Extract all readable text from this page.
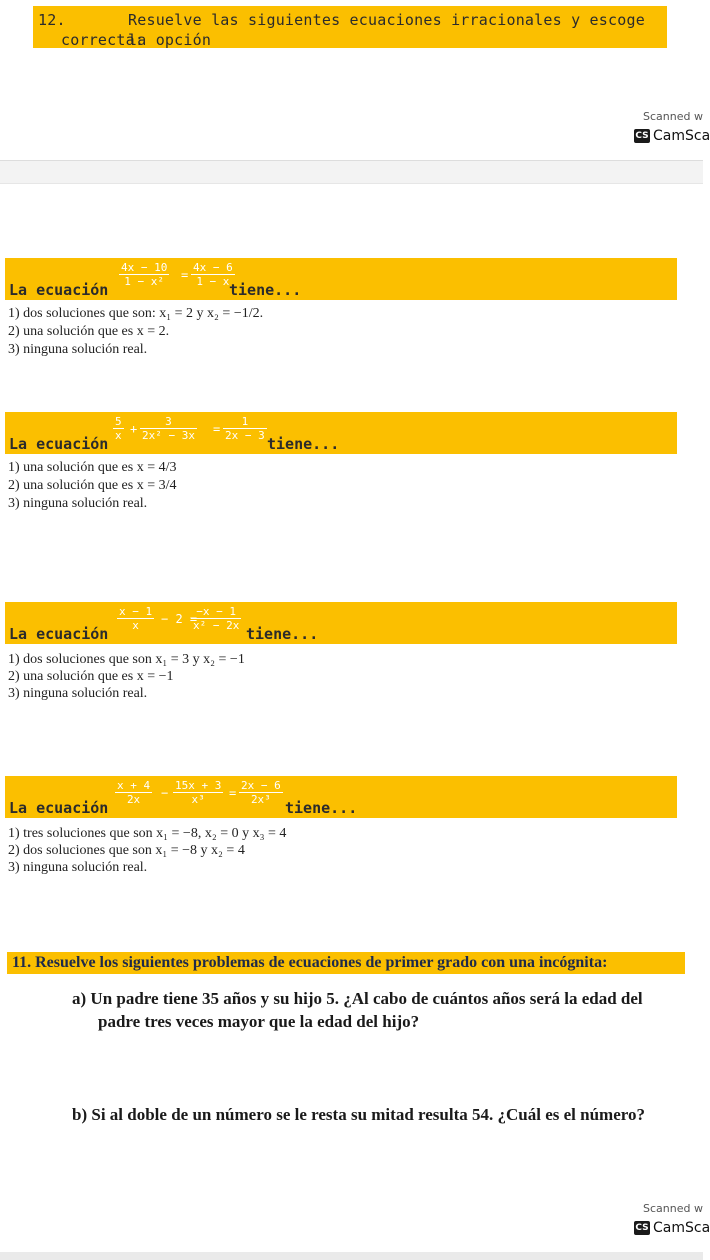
12.	Resuelve las siguientes ecuaciones irracionales y escoge la opción
correcta:
Scanned w
CS CamSca
La ecuación
$\frac{4x - 10}{\text{1 − x²}} = \frac{4x - 6}{1 - x}$
tiene...
1) dos soluciones que son: x₁ = 2 y x₂ = −1/2.
2) una solución que es x = 2.
3) ninguna solución real.
La ecuación
$\frac{5}{x} + \frac{3}{\text{2x² − 3x}} = \frac{1}{2x - 3}$
tiene...
1) una solución que es x = 4/3
2) una solución que es x = 3/4
3) ninguna solución real.
La ecuación
$\frac{x - 1}{x} - 2$ =
$\frac{-x - 1}{\text{x² − 2x}}$
tiene...
1) dos soluciones que son x₁ = 3 y x₂ = −1
2) una solución que es x = −1
3) ninguna solución real.
La ecuación
$\frac{x + 4}{2x} - \frac{15x + 3}{\text{x³}} = \frac{2x - 6}{\text{2x³}}$
tiene...
1) tres soluciones que son x₁ = −8, x₂ = 0 y x₃ = 4
2) dos soluciones que son x₁ = −8 y x₂ = 4
3) ninguna solución real.
11. Resuelve los siguientes problemas de ecuaciones de primer grado con una incógnita:
a) Un padre tiene 35 años y su hijo 5. ¿Al cabo de cuántos años será la edad del
padre tres veces mayor que la edad del hijo?
b) Si al doble de un número se le resta su mitad resulta 54. ¿Cuál es el número?
Scanned w
CS CamSca
